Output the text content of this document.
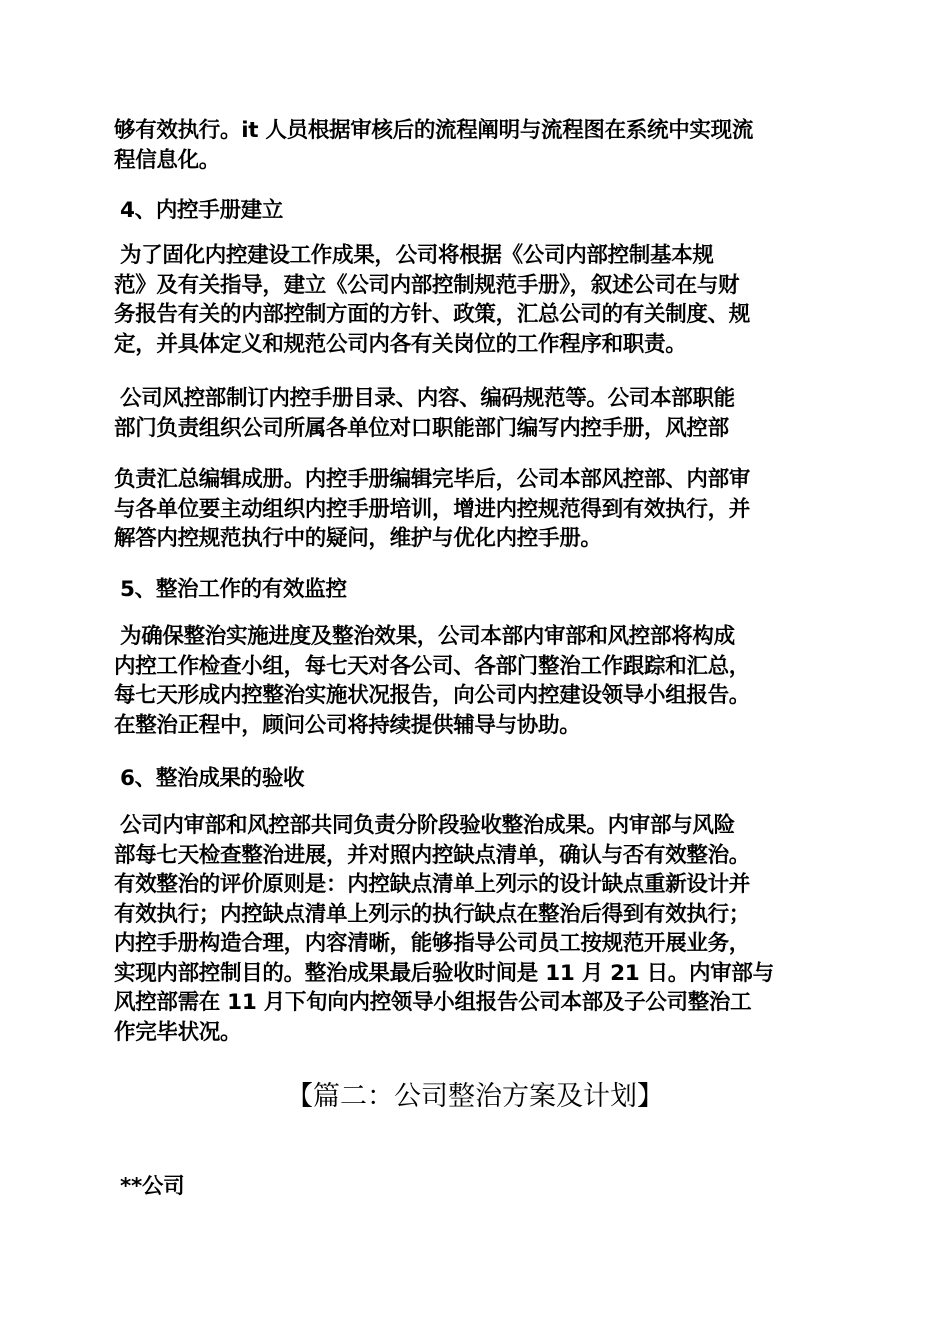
够有效执行。it 人员根据审核后的流程阐明与流程图在系统中实现流
程信息化。
4、内控手册建立
为了固化内控建设工作成果，公司将根据《公司内部控制基本规
范》及有关指导，建立《公司内部控制规范手册》，叙述公司在与财
务报告有关的内部控制方面的方针、政策，汇总公司的有关制度、规
定，并具体定义和规范公司内各有关岗位的工作程序和职责。
公司风控部制订内控手册目录、内容、编码规范等。公司本部职能
部门负责组织公司所属各单位对口职能部门编写内控手册，风控部
负责汇总编辑成册。内控手册编辑完毕后，公司本部风控部、内部审
与各单位要主动组织内控手册培训，增进内控规范得到有效执行，并
解答内控规范执行中的疑问，维护与优化内控手册。
5、整治工作的有效监控
为确保整治实施进度及整治效果，公司本部内审部和风控部将构成
内控工作检查小组，每七天对各公司、各部门整治工作跟踪和汇总，
每七天形成内控整治实施状况报告，向公司内控建设领导小组报告。
在整治正程中，顾问公司将持续提供辅导与协助。
6、整治成果的验收
公司内审部和风控部共同负责分阶段验收整治成果。内审部与风险
部每七天检查整治进展，并对照内控缺点清单，确认与否有效整治。
有效整治的评价原则是：内控缺点清单上列示的设计缺点重新设计并
有效执行；内控缺点清单上列示的执行缺点在整治后得到有效执行；
内控手册构造合理，内容清晰，能够指导公司员工按规范开展业务，
实现内部控制目的。整治成果最后验收时间是 11 月 21 日。内审部与
风控部需在 11 月下旬向内控领导小组报告公司本部及子公司整治工
作完毕状况。
【篇二：公司整治方案及计划】
**公司
